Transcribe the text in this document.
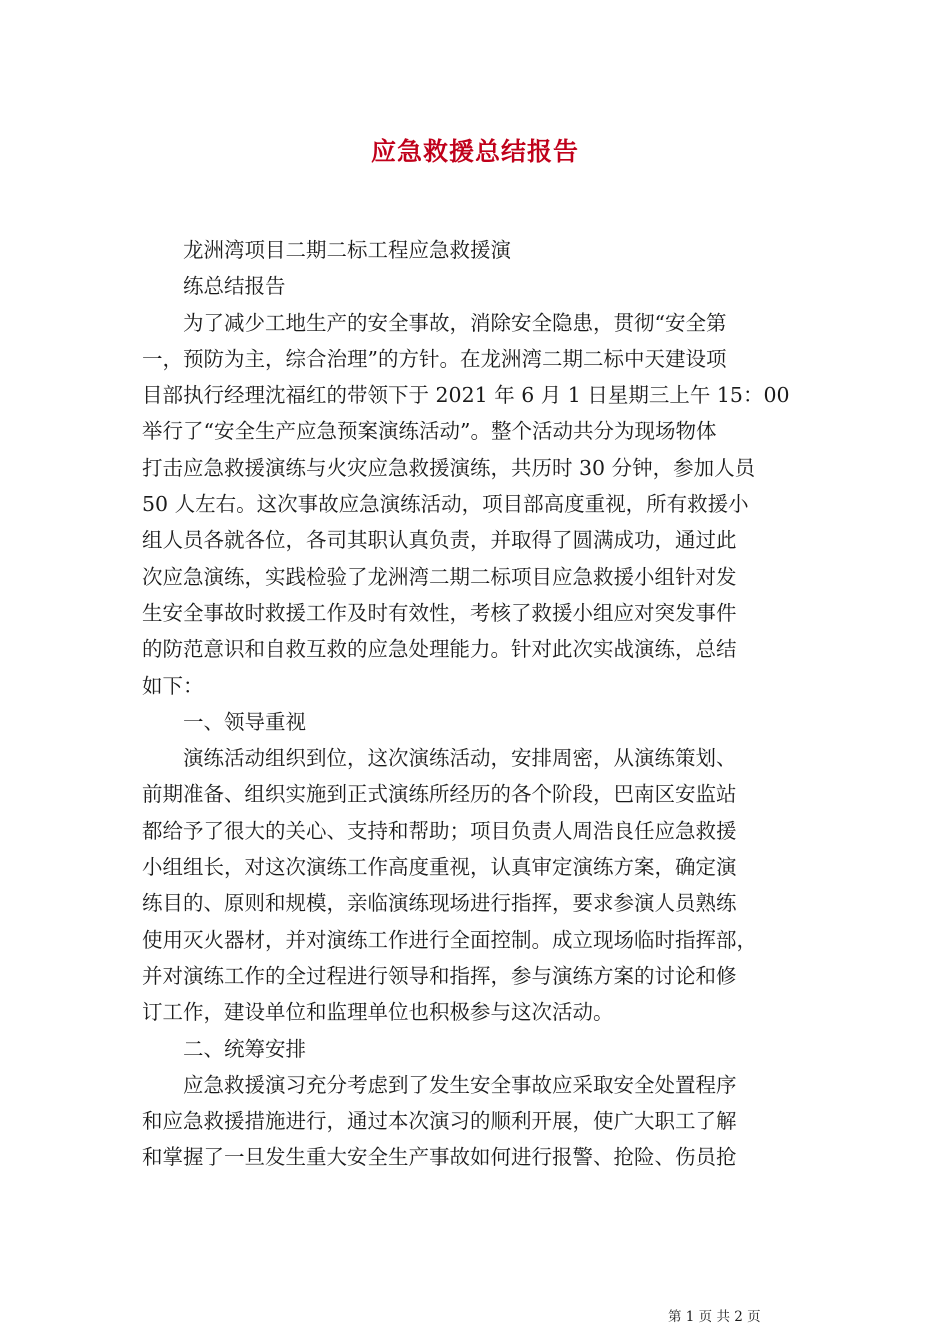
应急救援总结报告

　　龙洲湾项目二期二标工程应急救援演

　　练总结报告

　　为了减少工地生产的安全事故，消除安全隐患，贯彻“安全第

一，预防为主，综合治理”的方针。在龙洲湾二期二标中天建设项

目部执行经理沈福红的带领下于 2021 年 6 月 1 日星期三上午 15：00

举行了“安全生产应急预案演练活动”。整个活动共分为现场物体

打击应急救援演练与火灾应急救援演练，共历时 30 分钟，参加人员

50 人左右。这次事故应急演练活动，项目部高度重视，所有救援小

组人员各就各位，各司其职认真负责，并取得了圆满成功，通过此

次应急演练，实践检验了龙洲湾二期二标项目应急救援小组针对发

生安全事故时救援工作及时有效性，考核了救援小组应对突发事件

的防范意识和自救互救的应急处理能力。针对此次实战演练，总结

如下：

　　一、领导重视

　　演练活动组织到位，这次演练活动，安排周密，从演练策划、

前期准备、组织实施到正式演练所经历的各个阶段，巴南区安监站

都给予了很大的关心、支持和帮助；项目负责人周浩良任应急救援

小组组长，对这次演练工作高度重视，认真审定演练方案，确定演

练目的、原则和规模，亲临演练现场进行指挥，要求参演人员熟练

使用灭火器材，并对演练工作进行全面控制。成立现场临时指挥部，

并对演练工作的全过程进行领导和指挥，参与演练方案的讨论和修

订工作，建设单位和监理单位也积极参与这次活动。

　　二、统筹安排

　　应急救援演习充分考虑到了发生安全事故应采取安全处置程序

和应急救援措施进行，通过本次演习的顺利开展，使广大职工了解

和掌握了一旦发生重大安全生产事故如何进行报警、抢险、伤员抢

第 1 页 共 2 页
